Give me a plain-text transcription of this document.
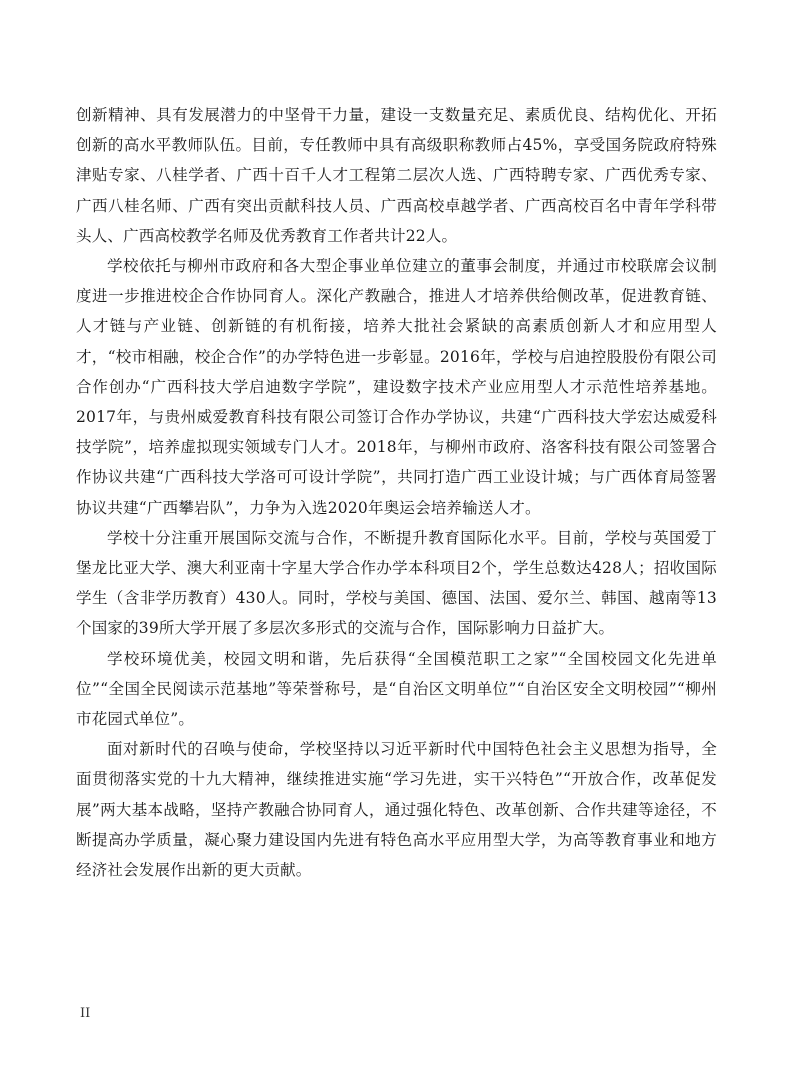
创新精神、具有发展潜力的中坚骨干力量，建设一支数量充足、素质优良、结构优化、开拓创新的高水平教师队伍。目前，专任教师中具有高级职称教师占45%，享受国务院政府特殊津贴专家、八桂学者、广西十百千人才工程第二层次人选、广西特聘专家、广西优秀专家、广西八桂名师、广西有突出贡献科技人员、广西高校卓越学者、广西高校百名中青年学科带头人、广西高校教学名师及优秀教育工作者共计22人。

学校依托与柳州市政府和各大型企事业单位建立的董事会制度，并通过市校联席会议制度进一步推进校企合作协同育人。深化产教融合，推进人才培养供给侧改革，促进教育链、人才链与产业链、创新链的有机衔接，培养大批社会紧缺的高素质创新人才和应用型人才，“校市相融，校企合作”的办学特色进一步彰显。2016年，学校与启迪控股股份有限公司合作创办“广西科技大学启迪数字学院”，建设数字技术产业应用型人才示范性培养基地。2017年，与贵州威爱教育科技有限公司签订合作办学协议，共建“广西科技大学宏达威爱科技学院”，培养虚拟现实领域专门人才。2018年，与柳州市政府、洛客科技有限公司签署合作协议共建“广西科技大学洛可可设计学院”，共同打造广西工业设计城；与广西体育局签署协议共建“广西攀岩队”，力争为入选2020年奥运会培养输送人才。

学校十分注重开展国际交流与合作，不断提升教育国际化水平。目前，学校与英国爱丁堡龙比亚大学、澳大利亚南十字星大学合作办学本科项目2个，学生总数达428人；招收国际学生（含非学历教育）430人。同时，学校与美国、德国、法国、爱尔兰、韩国、越南等13个国家的39所大学开展了多层次多形式的交流与合作，国际影响力日益扩大。

学校环境优美，校园文明和谐，先后获得“全国模范职工之家”“全国校园文化先进单位”“全国全民阅读示范基地”等荣誉称号，是“自治区文明单位”“自治区安全文明校园”“柳州市花园式单位”。

面对新时代的召唤与使命，学校坚持以习近平新时代中国特色社会主义思想为指导，全面贯彻落实党的十九大精神，继续推进实施“学习先进，实干兴特色”“开放合作，改革促发展”两大基本战略，坚持产教融合协同育人，通过强化特色、改革创新、合作共建等途径，不断提高办学质量，凝心聚力建设国内先进有特色高水平应用型大学，为高等教育事业和地方经济社会发展作出新的更大贡献。

II
